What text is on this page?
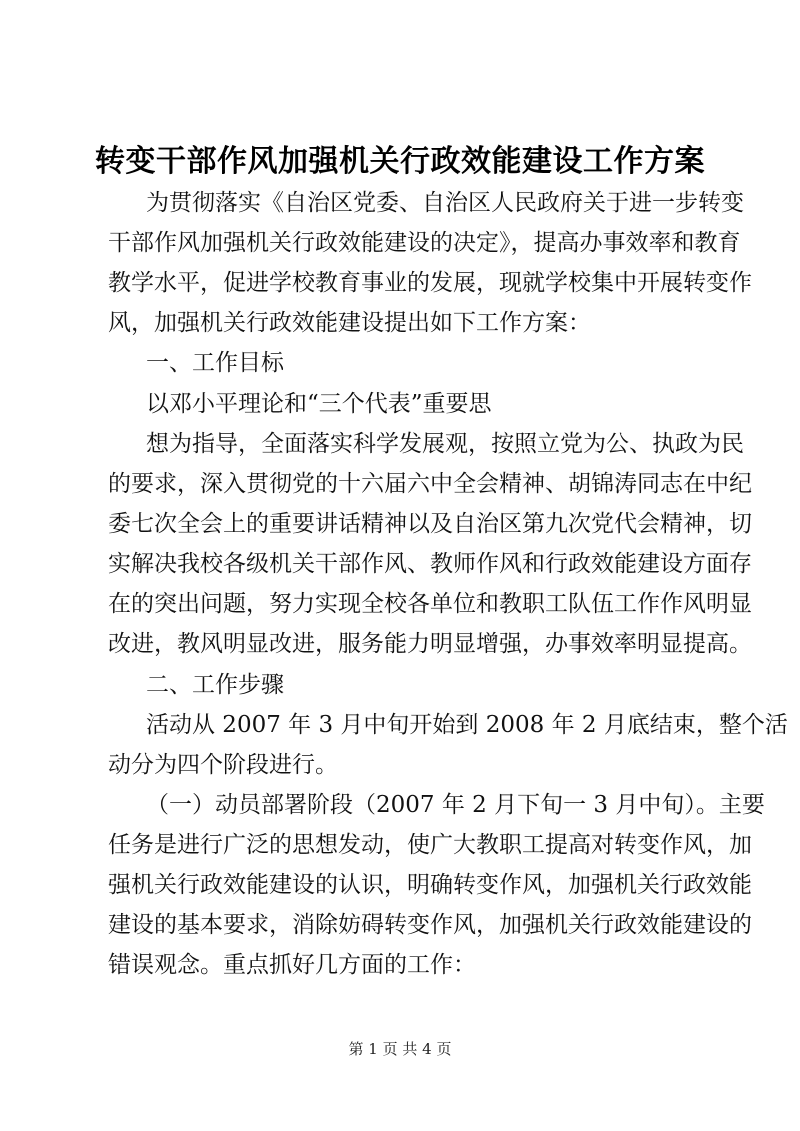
转变干部作风加强机关行政效能建设工作方案
为贯彻落实《自治区党委、自治区人民政府关于进一步转变
干部作风加强机关行政效能建设的决定》，提高办事效率和教育
教学水平，促进学校教育事业的发展，现就学校集中开展转变作
风，加强机关行政效能建设提出如下工作方案：
一、工作目标
以邓小平理论和“三个代表”重要思
想为指导，全面落实科学发展观，按照立党为公、执政为民
的要求，深入贯彻党的十六届六中全会精神、胡锦涛同志在中纪
委七次全会上的重要讲话精神以及自治区第九次党代会精神，切
实解决我校各级机关干部作风、教师作风和行政效能建设方面存
在的突出问题，努力实现全校各单位和教职工队伍工作作风明显
改进，教风明显改进，服务能力明显增强，办事效率明显提高。
二、工作步骤
活动从 2007 年 3 月中旬开始到 2008 年 2 月底结束，整个活
动分为四个阶段进行。
（一）动员部署阶段（2007 年 2 月下旬一 3 月中旬）。主要
任务是进行广泛的思想发动，使广大教职工提高对转变作风，加
强机关行政效能建设的认识，明确转变作风，加强机关行政效能
建设的基本要求，消除妨碍转变作风，加强机关行政效能建设的
错误观念。重点抓好几方面的工作：
第 1 页 共 4 页
